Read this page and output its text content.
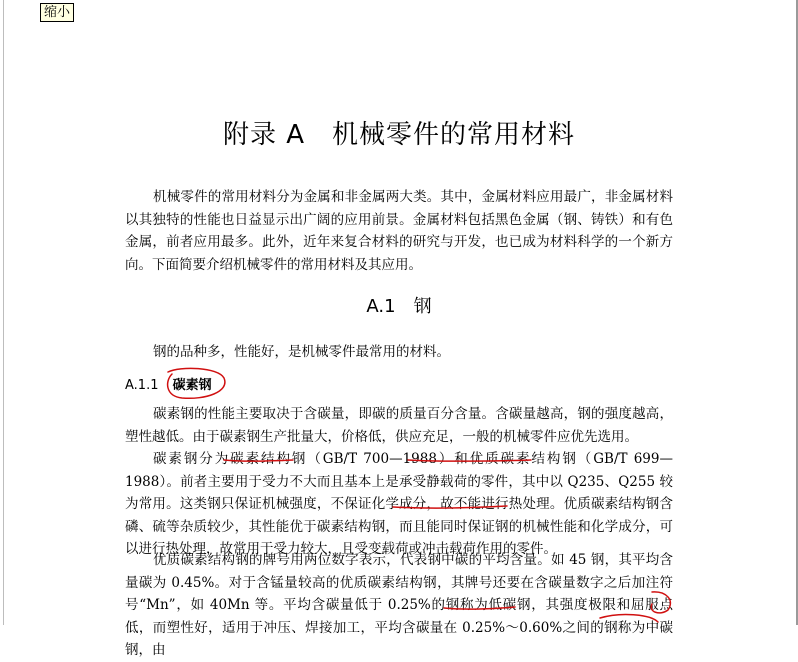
附录 A　机械零件的常用材料
机械零件的常用材料分为金属和非金属两大类。其中，金属材料应用最广，非金属材料以其独特的性能也日益显示出广阔的应用前景。金属材料包括黑色金属（钢、铸铁）和有色金属，前者应用最多。此外，近年来复合材料的研究与开发，也已成为材料科学的一个新方向。下面简要介绍机械零件的常用材料及其应用。
A.1　钢
钢的品种多，性能好，是机械零件最常用的材料。
A.1.1 碳素钢
碳素钢的性能主要取决于含碳量，即碳的质量百分含量。含碳量越高，钢的强度越高，塑性越低。由于碳素钢生产批量大，价格低，供应充足，一般的机械零件应优先选用。
碳素钢分为碳素结构钢（GB/T 700—1988）和优质碳素结构钢（GB/T 699—1988）。前者主要用于受力不大而且基本上是承受静载荷的零件，其中以 Q235、Q255 较为常用。这类钢只保证机械强度，不保证化学成分，故不能进行热处理。优质碳素结构钢含磷、硫等杂质较少，其性能优于碳素结构钢，而且能同时保证钢的机械性能和化学成分，可以进行热处理，故常用于受力较大，且受变载荷或冲击载荷作用的零件。
优质碳素结构钢的牌号用两位数字表示，代表钢中碳的平均含量。如 45 钢，其平均含量碳为 0.45%。对于含锰量较高的优质碳素结构钢，其牌号还要在含碳量数字之后加注符号“Mn”，如 40Mn 等。平均含碳量低于 0.25%的钢称为低碳钢，其强度极限和屈服点低，而塑性好，适用于冲压、焊接加工，平均含碳量在 0.25%～0.60%之间的钢称为中碳钢，由
缩小
